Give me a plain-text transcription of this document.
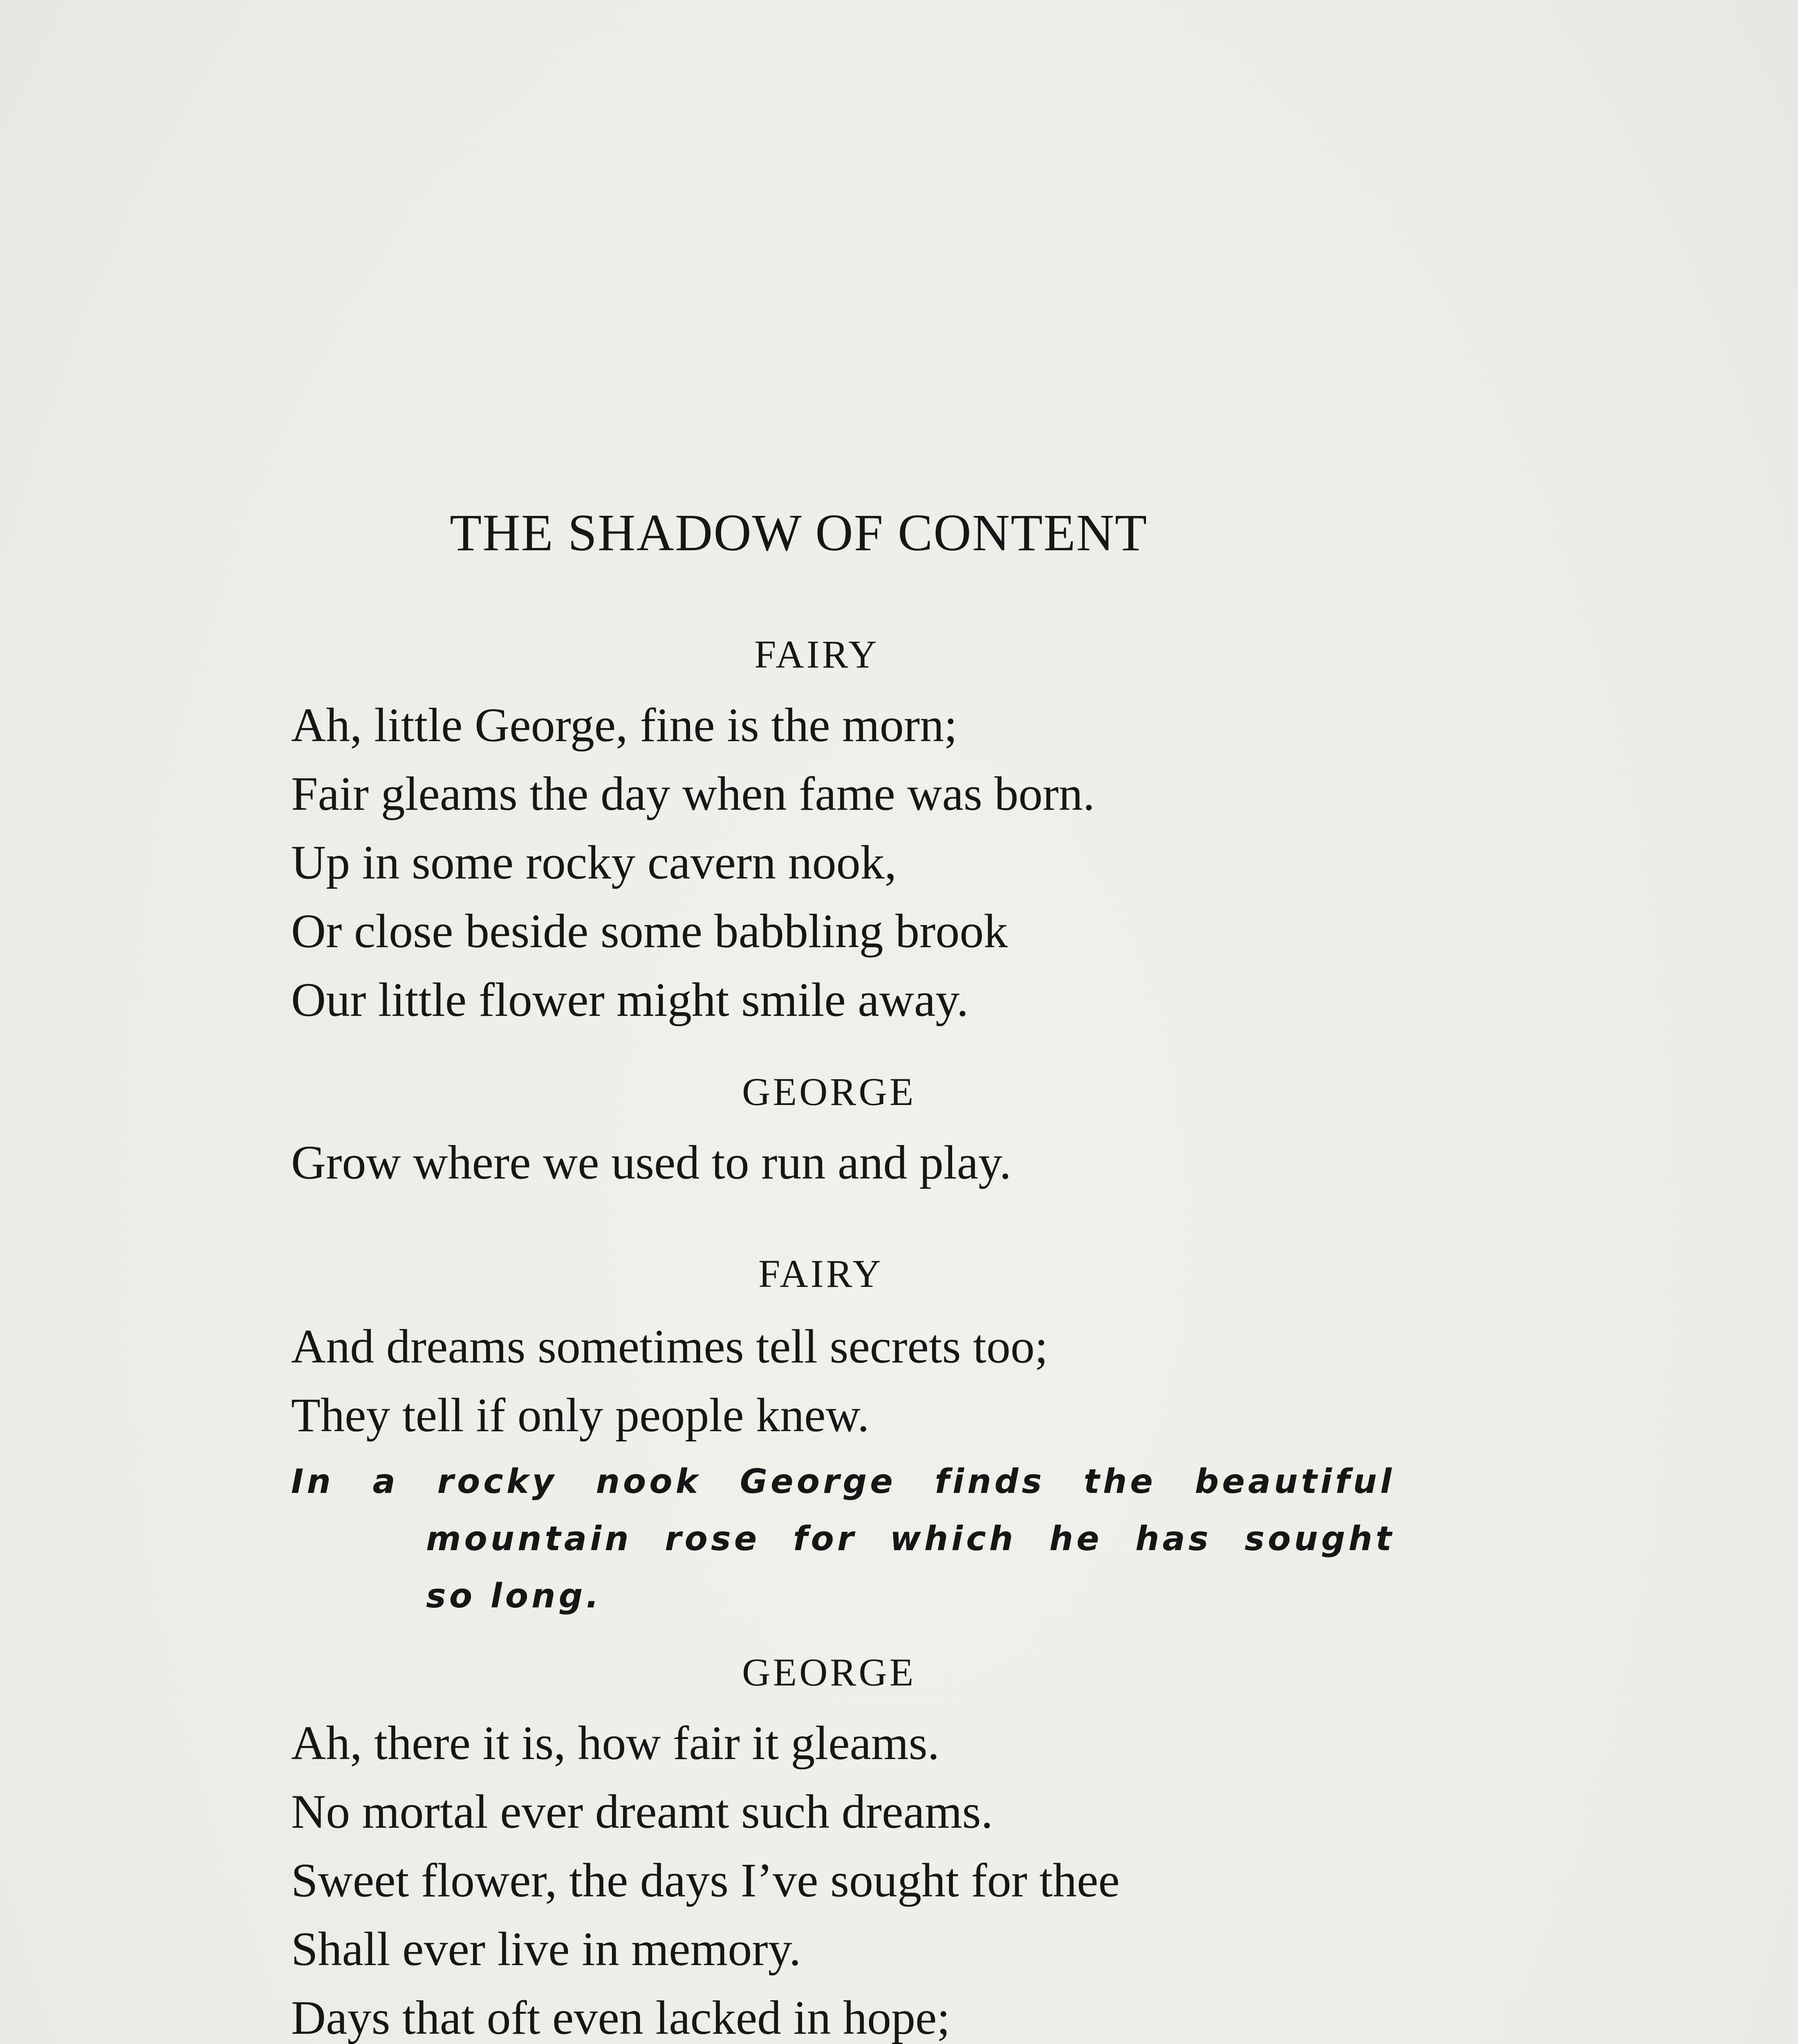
THE SHADOW OF CONTENT
FAIRY
Ah, little George, fine is the morn;
Fair gleams the day when fame was born.
Up in some rocky cavern nook,
Or close beside some babbling brook
Our little flower might smile away.
GEORGE
Grow where we used to run and play.
FAIRY
And dreams sometimes tell secrets too;
They tell if only people knew.
In a rocky nook George finds the beautiful
mountain rose for which he has sought
so long.
GEORGE
Ah, there it is, how fair it gleams.
No mortal ever dreamt such dreams.
Sweet flower, the days I’ve sought for thee
Shall ever live in memory.
Days that oft even lacked in hope;
